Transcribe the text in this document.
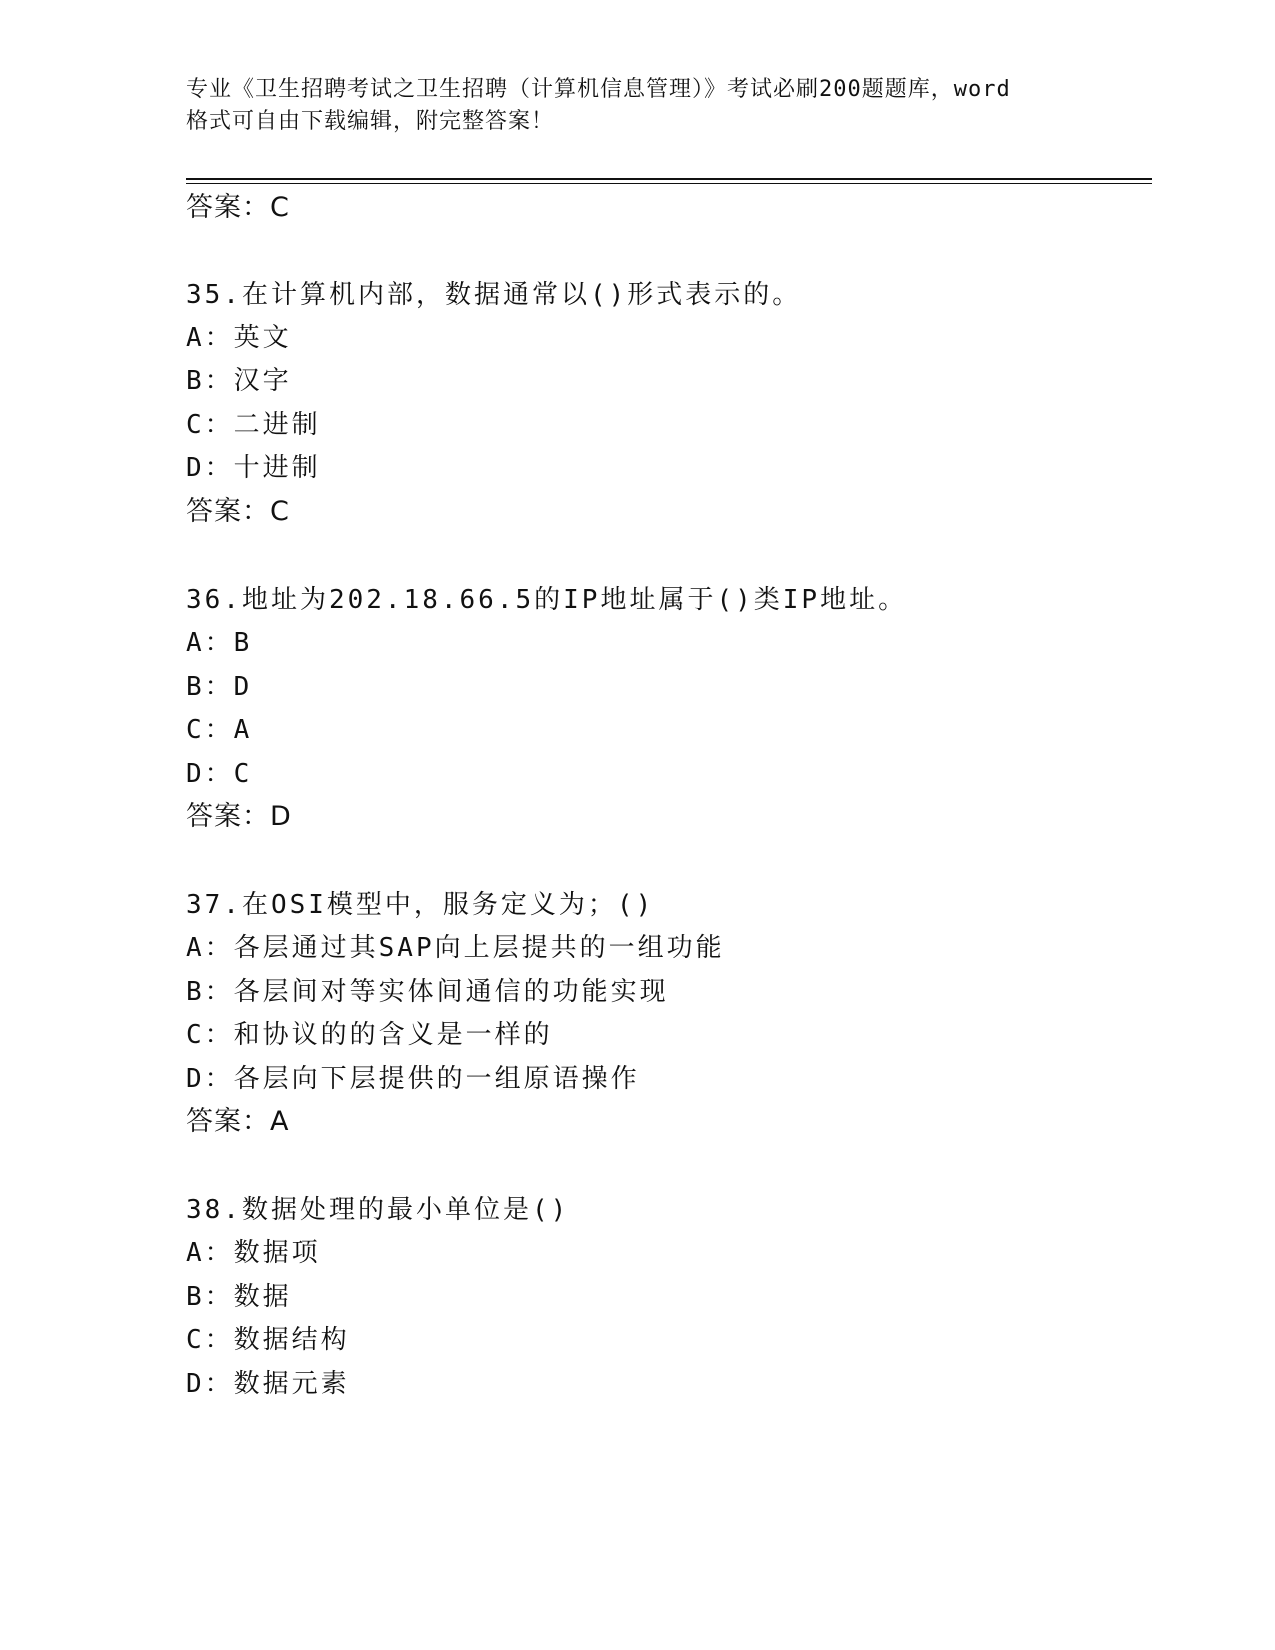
专业《卫生招聘考试之卫生招聘（计算机信息管理）》考试必刷200题题库，word
格式可自由下载编辑，附完整答案！
答案：C
35.在计算机内部，数据通常以()形式表示的。
A：英文
B：汉字
C：二进制
D：十进制
答案：C
36.地址为202.18.66.5的IP地址属于()类IP地址。
A：B
B：D
C：A
D：C
答案：D
37.在OSI模型中，服务定义为；()
A：各层通过其SAP向上层提共的一组功能
B：各层间对等实体间通信的功能实现
C：和协议的的含义是一样的
D：各层向下层提供的一组原语操作
答案：A
38.数据处理的最小单位是()
A：数据项
B：数据
C：数据结构
D：数据元素
